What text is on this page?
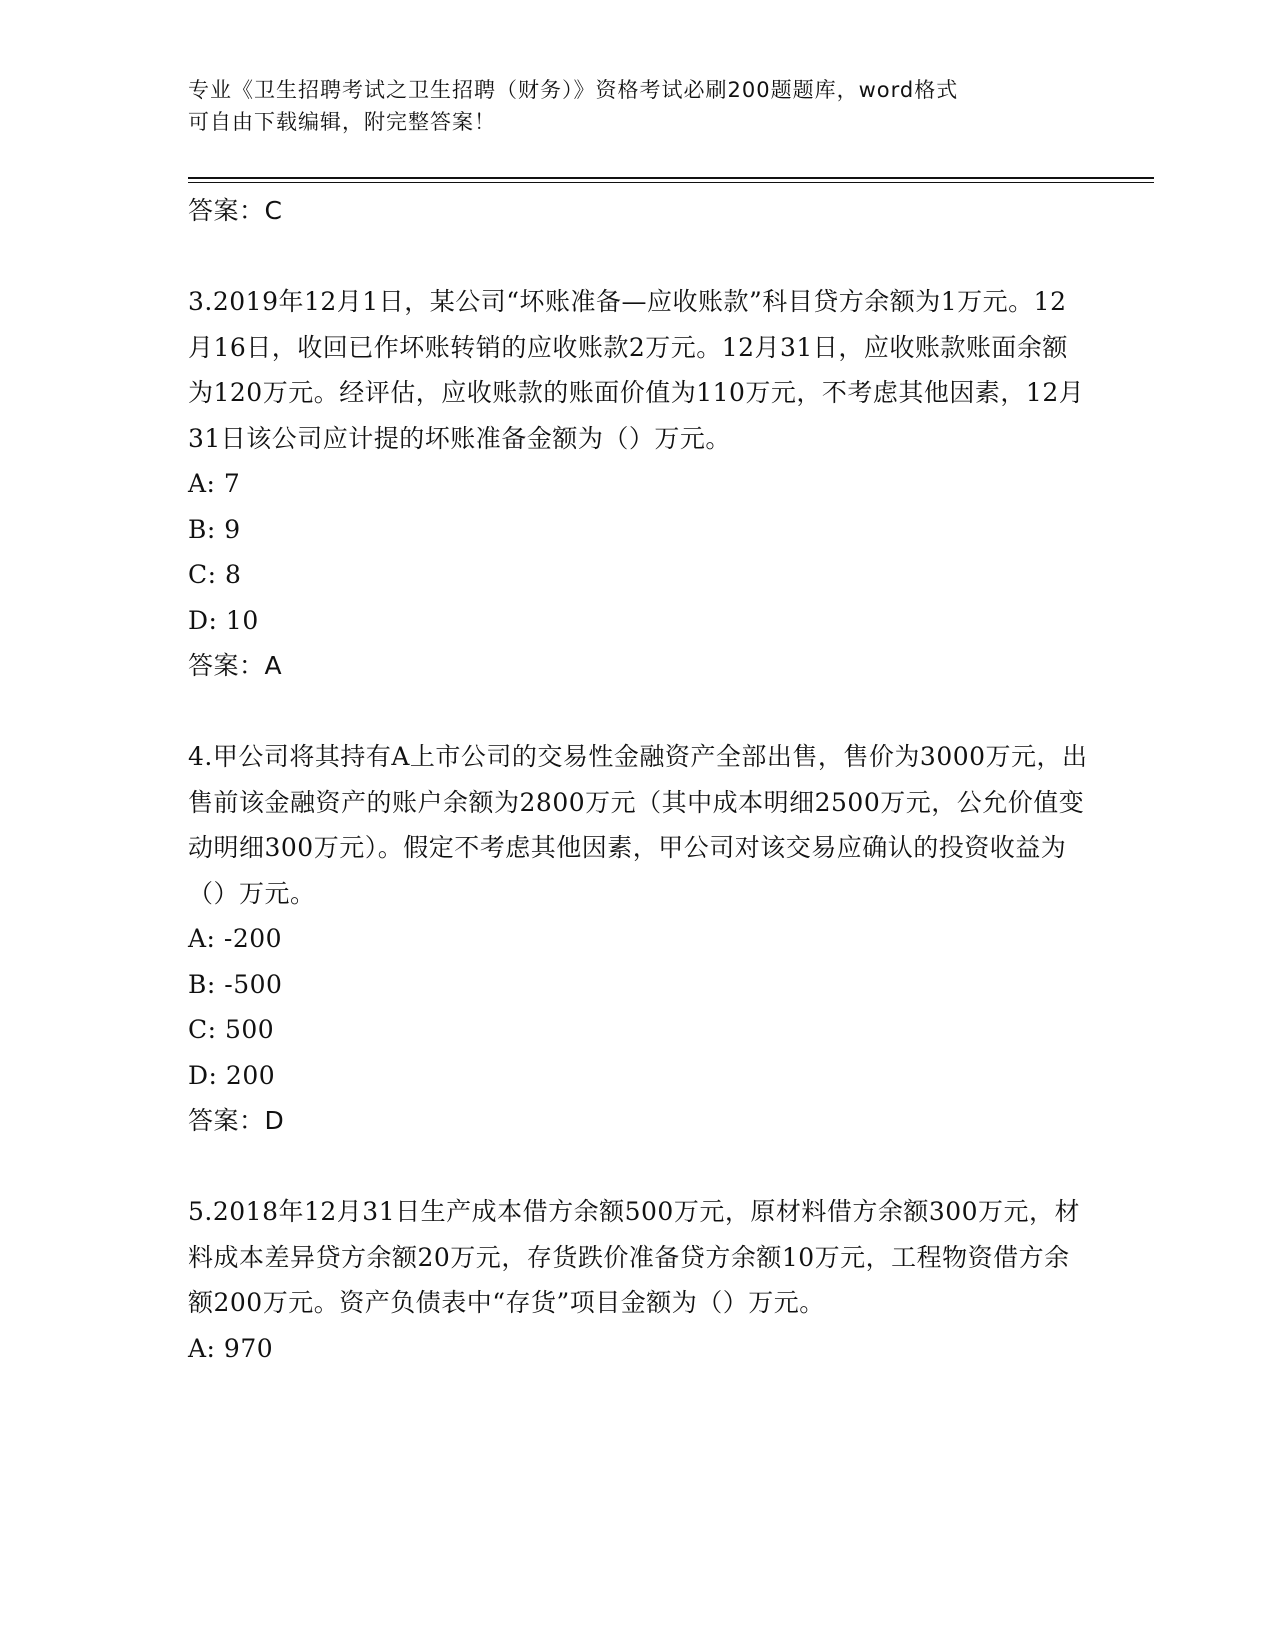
专业《卫生招聘考试之卫生招聘（财务）》资格考试必刷200题题库，word格式
可自由下载编辑，附完整答案！
答案：C
3.2019年12月1日，某公司“坏账准备—应收账款”科目贷方余额为1万元。12月16日，收回已作坏账转销的应收账款2万元。12月31日，应收账款账面余额为120万元。经评估，应收账款的账面价值为110万元，不考虑其他因素，12月31日该公司应计提的坏账准备金额为（）万元。
A: 7
B: 9
C: 8
D: 10
答案：A
4.甲公司将其持有A上市公司的交易性金融资产全部出售，售价为3000万元，出售前该金融资产的账户余额为2800万元（其中成本明细2500万元，公允价值变动明细300万元）。假定不考虑其他因素，甲公司对该交易应确认的投资收益为（）万元。
A: -200
B: -500
C: 500
D: 200
答案：D
5.2018年12月31日生产成本借方余额500万元，原材料借方余额300万元，材料成本差异贷方余额20万元，存货跌价准备贷方余额10万元，工程物资借方余额200万元。资产负债表中“存货”项目金额为（）万元。
A: 970
